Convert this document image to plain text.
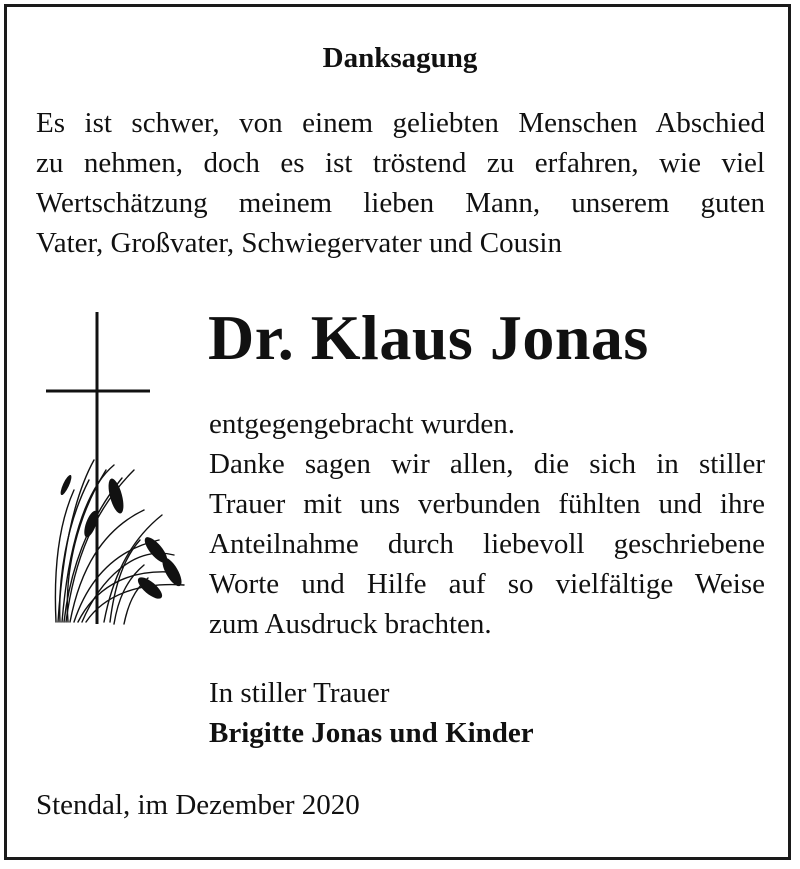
Danksagung
Es ist schwer, von einem geliebten Menschen Abschied
zu nehmen, doch es ist tröstend zu erfahren, wie viel
Wertschätzung meinem lieben Mann, unserem guten
Vater, Großvater, Schwiegervater und Cousin
Dr. Klaus Jonas
entgegengebracht wurden.
Danke sagen wir allen, die sich in stiller
Trauer mit uns verbunden fühlten und ihre
Anteilnahme durch liebevoll geschriebene
Worte und Hilfe auf so vielfältige Weise
zum Ausdruck brachten.
In stiller Trauer
Brigitte Jonas und Kinder
Stendal, im Dezember 2020
